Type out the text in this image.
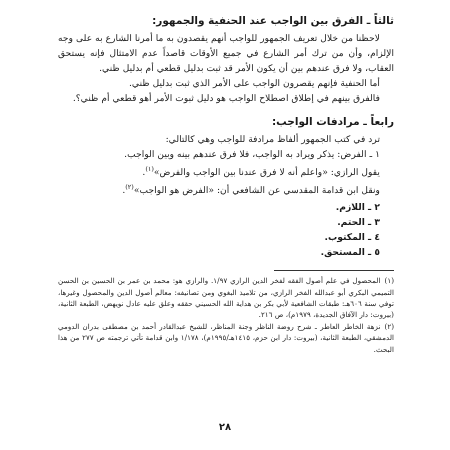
ثالثاً ـ الفرق بين الواجب عند الحنفية والجمهور:

لاحظنا من خلال تعريف الجمهور للواجب أنهم يقصدون به ما أمرنا الشارع به على وجه الإلزام، وأن من ترك أمر الشارع في جميع الأوقات قاصداً عدم الامتثال فإنه يستحق العقاب، ولا فرق عندهم بين أن يكون الأمر قد ثبت بدليل قطعي أم بدليل ظني.

أما الحنفية فإنهم يقصرون الواجب على الأمر الذي ثبت بدليل ظني.

فالفرق بينهم في إطلاق اصطلاح الواجب هو دليل ثبوت الأمر أهو قطعي أم ظني؟.

رابعاً ـ مرادفات الواجب:

ترد في كتب الجمهور ألفاظ مرادفة للواجب وهي كالتالي:

١ ـ الفرض: يذكر ويراد به الواجب، فلا فرق عندهم بينه وبين الواجب.

يقول الرازي: «واعلم أنه لا فرق عندنا بين الواجب والفرض»$^{(١)}$.

ونقل ابن قدامة المقدسي عن الشافعي أن: «الفرض هو الواجب»$^{(٢)}$.

٢ ـ اللازم.
٣ ـ الحتم.
٤ ـ المكتوب.
٥ ـ المستحق.

(١)المحصول في علم أصول الفقه لفخر الدين الرازي ١/٩٧. والرازي هو: محمد بن عمر بن الحسين بن الحسن التميمي البكري أبو عبدالله الفخر الرازي، من تلاميذ البغوي ومن تصانيفه: معالم أصول الدين والمحصول وغيرها، توفي سنة ٦٠٦هـ: طبقات الشافعية لأبي بكر بن هداية الله الحسيني حققه وعلق عليه عادل نويهض، الطبعة الثانية، (بيروت: دار الآفاق الجديدة، ١٩٧٩م)، ص ٢١٦.

(٢)نزهة الخاطر العاطر ـ شرح روضة الناظر وجنة المناظر، للشيخ عبدالقادر أحمد بن مصطفى بدران الدومي الدمشقي، الطبعة الثانية، (بيروت: دار ابن حزم، ١٤١٥هـ/١٩٩٥م)، ١/١٧٨ وابن قدامة تأتي ترجمته ص ٢٧٧ من هذا البحث.

٢٨
